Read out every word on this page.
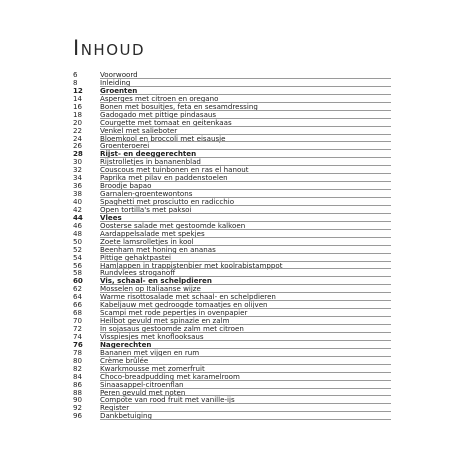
Inhoud
6	Voorwoord
8	Inleiding
12	Groenten
14	Asperges met citroen en oregano
16	Bonen met bosuitjes, feta en sesamdressing
18	Gadogado met pittige pindasaus
20	Courgette met tomaat en geitenkaas
22	Venkel met salieboter
24	Bloemkool en broccoli met eisausje
26	Groenteroerei
28	Rijst- en deeggerechten
30	Rijstrolletjes in bananenblad
32	Couscous met tuinbonen en ras el hanout
34	Paprika met pilav en paddenstoelen
36	Broodje bapao
38	Garnalen-groentewontons
40	Spaghetti met prosciutto en radicchio
42	Open tortilla's met paksoi
44	Vlees
46	Oosterse salade met gestoomde kalkoen
48	Aardappelsalade met spekjes
50	Zoete lamsrolletjes in kool
52	Beenham met honing en ananas
54	Pittige gehaktpastei
56	Hamlappen in trappistenbier met koolrabistamppot
58	Rundvlees stroganoff
60	Vis, schaal- en schelpdieren
62	Mosselen op Italiaanse wijze
64	Warme risottosalade met schaal- en schelpdieren
66	Kabeljauw met gedroogde tomaatjes en olijven
68	Scampi met rode pepertjes in ovenpapier
70	Heilbot gevuld met spinazie en zalm
72	In sojasaus gestoomde zalm met citroen
74	Visspiesjes met knoflooksaus
76	Nagerechten
78	Bananen met vijgen en rum
80	Crème brûlée
82	Kwarkmousse met zomerfruit
84	Choco-breadpudding met karamelroom
86	Sinaasappel-citroenflan
88	Peren gevuld met noten
90	Compote van rood fruit met vanille-ijs
92	Register
96	Dankbetuiging
